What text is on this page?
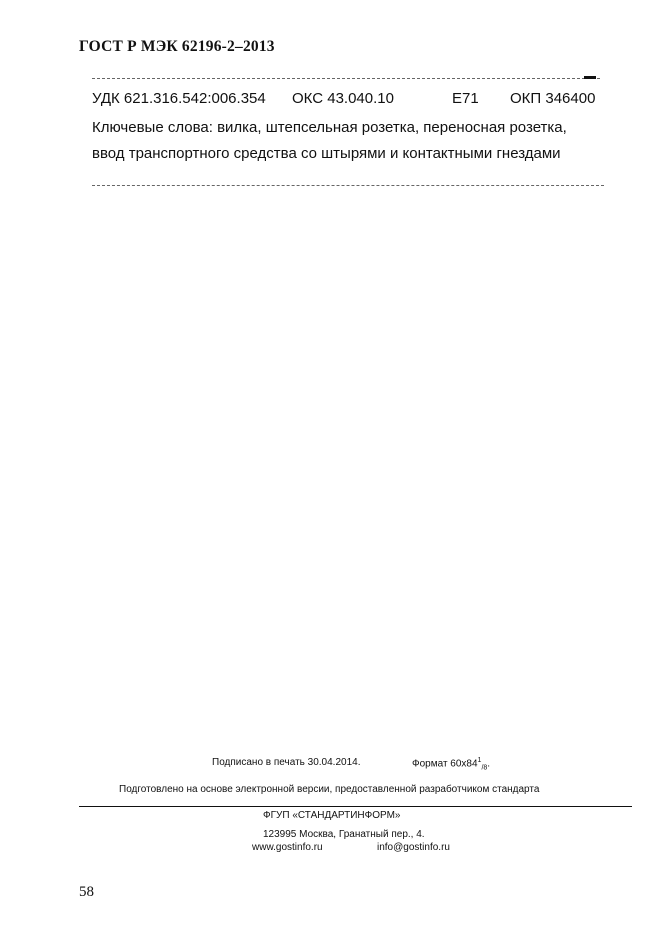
ГОСТ Р МЭК 62196-2–2013
УДК 621.316.542:006.354 ОКС 43.040.10	Е71 ОКП 346400
Ключевые слова: вилка, штепсельная розетка, переносная розетка,
ввод транспортного средства со штырями и контактными гнездами
Подписано в печать 30.04.2014.	Формат $60x84^1_{/8}$.
Подготовлено на основе электронной версии, предоставленной разработчиком стандарта
ФГУП «СТАНДАРТИНФОРМ»
123995 Москва, Гранатный пер., 4.
www.gostinfo.ru	info@gostinfo.ru
58
